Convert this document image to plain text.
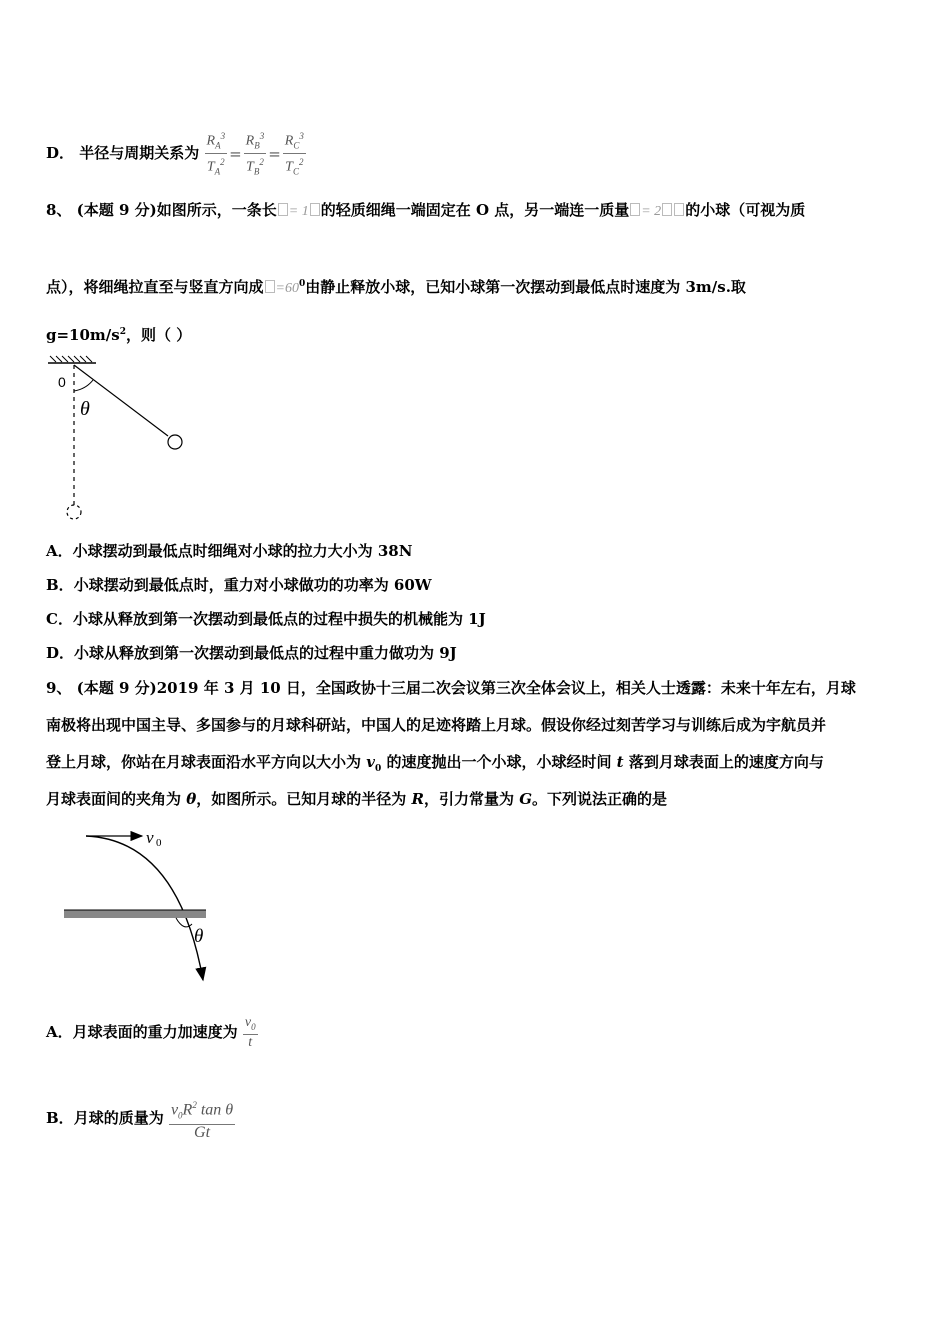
D． 半径与周期关系为 $\frac{R_A^3}{T_A^2} = \frac{R_B^3}{T_B^2} = \frac{R_C^3}{T_C^2}$
8、 (本题 9 分)如图所示，一条长 = 1 的轻质细绳一端固定在 O 点，另一端连一质量 = 2 的小球（可视为质
点），将细绳拉直至与竖直方向成 $=60^0$由静止释放小球，已知小球第一次摆动到最低点时速度为 3m/s.取
$g=10m/s^2$，则（ ）
0
θ
A．小球摆动到最低点时细绳对小球的拉力大小为 38N
B．小球摆动到最低点时，重力对小球做功的功率为 60W
C．小球从释放到第一次摆动到最低点的过程中损失的机械能为 1J
D．小球从释放到第一次摆动到最低点的过程中重力做功为 9J
9、 (本题 9 分)2019 年 3 月 10 日，全国政协十三届二次会议第三次全体会议上，相关人士透露：未来十年左右，月球
南极将出现中国主导、多国参与的月球科研站，中国人的足迹将踏上月球。假设你经过刻苦学习与训练后成为宇航员并
登上月球，你站在月球表面沿水平方向以大小为 $v_0$ 的速度抛出一个小球，小球经时间 t 落到月球表面上的速度方向与
月球表面间的夹角为 θ，如图所示。已知月球的半径为 R，引力常量为 G。下列说法正确的是
v 0
θ
A．月球表面的重力加速度为 $\frac{v_0}{t}$
B．月球的质量为 $\frac{v_0R^2 \tan \theta}{Gt}$
